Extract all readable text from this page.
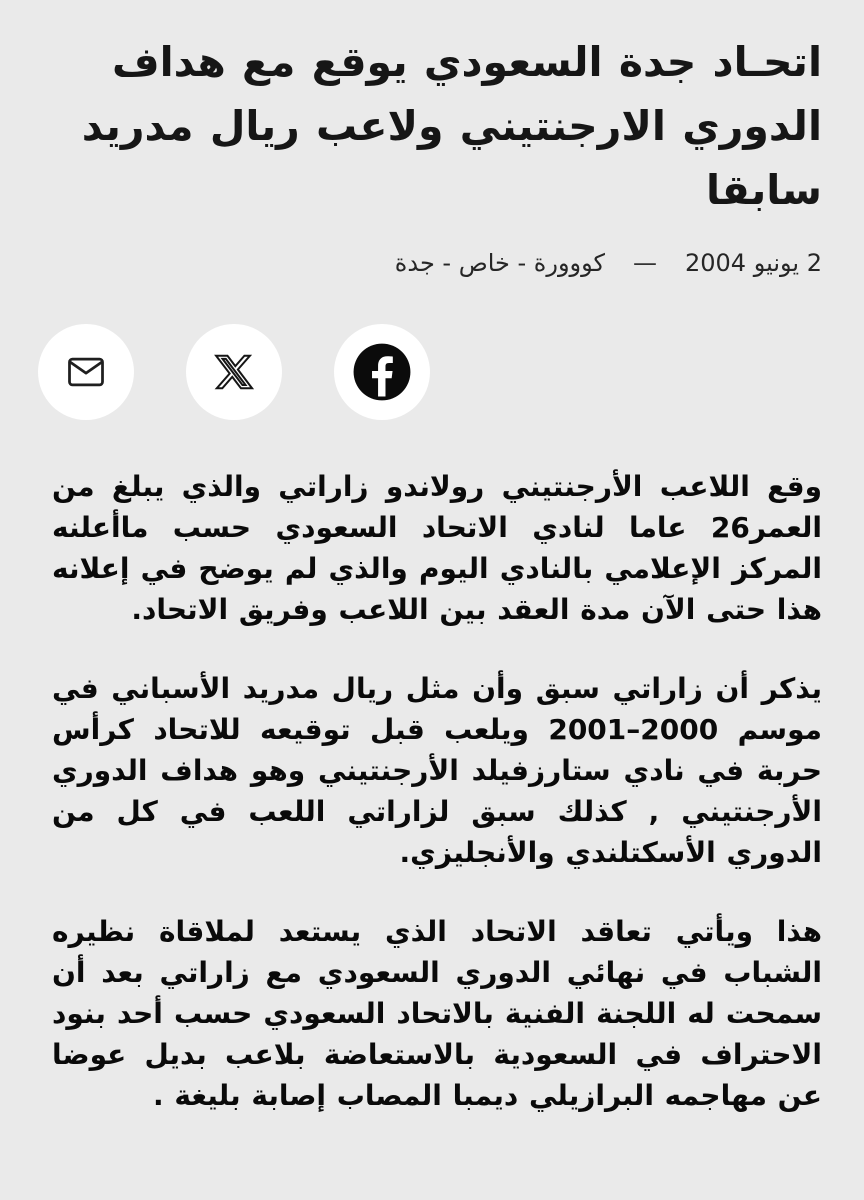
اتحـاد جدة السعودي يوقع مع هداف الدوري الارجنتيني ولاعب ريال مدريد سابقا
2 يونيو 2004
—
كووورة - خاص - جدة

وقع اللاعب الأرجنتيني رولاندو زاراتي والذي يبلغ من العمر26 عاما لنادي الاتحاد السعودي حسب ماأعلنه المركز الإعلامي بالنادي اليوم والذي لم يوضح في إعلانه هذا حتى الآن مدة العقد بين اللاعب وفريق الاتحاد.

يذكر أن زاراتي سبق وأن مثل ريال مدريد الأسباني في موسم 2000–2001 ويلعب قبل توقيعه للاتحاد كرأس حربة في نادي ستارزفيلد الأرجنتيني وهو هداف الدوري الأرجنتيني , كذلك سبق لزاراتي اللعب في كل من الدوري الأسكتلندي والأنجليزي.

هذا ويأتي تعاقد الاتحاد الذي يستعد لملاقاة نظيره الشباب في نهائي الدوري السعودي مع زاراتي بعد أن سمحت له اللجنة الفنية بالاتحاد السعودي حسب أحد بنود الاحتراف في السعودية بالاستعاضة بلاعب بديل عوضا عن مهاجمه البرازيلي ديمبا المصاب إصابة بليغة .
